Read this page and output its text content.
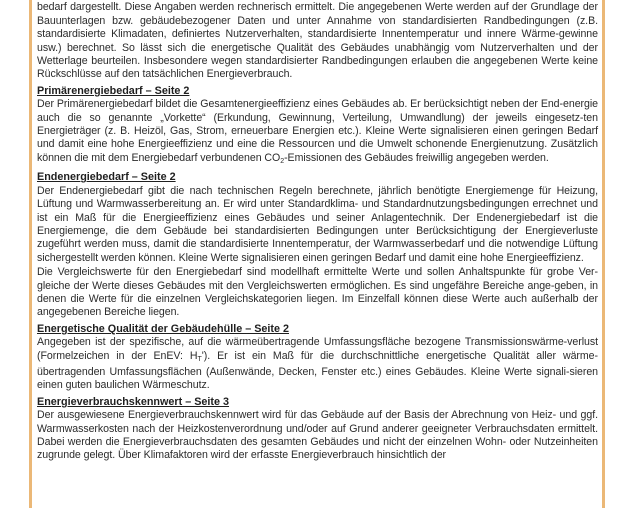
bedarf dargestellt. Diese Angaben werden rechnerisch ermittelt. Die angegebenen Werte werden auf der Grundlage der Bauunterlagen bzw. gebäudebezogener Daten und unter Annahme von standardisierten Randbedingungen (z.B. standardisierte Klimadaten, definiertes Nutzerverhalten, standardisierte Innentemperatur und innere Wärme-gewinne usw.) berechnet. So lässt sich die energetische Qualität des Gebäudes unabhängig vom Nutzerverhalten und der Wetterlage beurteilen. Insbesondere wegen standardisierter Randbedingungen erlauben die angegebenen Werte keine Rückschlüsse auf den tatsächlichen Energieverbrauch.

Primärenergiebedarf – Seite 2

Der Primärenergiebedarf bildet die Gesamtenergieeffizienz eines Gebäudes ab. Er berücksichtigt neben der End-energie auch die so genannte „Vorkette“ (Erkundung, Gewinnung, Verteilung, Umwandlung) der jeweils eingesetz-ten Energieträger (z. B. Heizöl, Gas, Strom, erneuerbare Energien etc.). Kleine Werte signalisieren einen geringen Bedarf und damit eine hohe Energieeffizienz und eine die Ressourcen und die Umwelt schonende Energienutzung. Zusätzlich können die mit dem Energiebedarf verbundenen $CO_2$-Emissionen des Gebäudes freiwillig angegeben werden.

Endenergiebedarf – Seite 2

Der Endenergiebedarf gibt die nach technischen Regeln berechnete, jährlich benötigte Energiemenge für Heizung, Lüftung und Warmwasserbereitung an. Er wird unter Standardklima- und Standardnutzungsbedingungen errechnet und ist ein Maß für die Energieeffizienz eines Gebäudes und seiner Anlagentechnik. Der Endenergiebedarf ist die Energiemenge, die dem Gebäude bei standardisierten Bedingungen unter Berücksichtigung der Energieverluste zugeführt werden muss, damit die standardisierte Innentemperatur, der Warmwasserbedarf und die notwendige Lüftung sichergestellt werden können. Kleine Werte signalisieren einen geringen Bedarf und damit eine hohe Energieeffizienz.

Die Vergleichswerte für den Energiebedarf sind modellhaft ermittelte Werte und sollen Anhaltspunkte für grobe Ver-gleiche der Werte dieses Gebäudes mit den Vergleichswerten ermöglichen. Es sind ungefähre Bereiche ange-geben, in denen die Werte für die einzelnen Vergleichskategorien liegen. Im Einzelfall können diese Werte auch außerhalb der angegebenen Bereiche liegen.

Energetische Qualität der Gebäudehülle – Seite 2

Angegeben ist der spezifische, auf die wärmeübertragende Umfassungsfläche bezogene Transmissionswärme-verlust (Formelzeichen in der EnEV: $H_T'$). Er ist ein Maß für die durchschnittliche energetische Qualität aller wärme-übertragenden Umfassungsflächen (Außenwände, Decken, Fenster etc.) eines Gebäudes. Kleine Werte signali-sieren einen guten baulichen Wärmeschutz.

Energieverbrauchskennwert – Seite 3

Der ausgewiesene Energieverbrauchskennwert wird für das Gebäude auf der Basis der Abrechnung von Heiz- und ggf. Warmwasserkosten nach der Heizkostenverordnung und/oder auf Grund anderer geeigneter Verbrauchsdaten ermittelt. Dabei werden die Energieverbrauchsdaten des gesamten Gebäudes und nicht der einzelnen Wohn- oder Nutzeinheiten zugrunde gelegt. Über Klimafaktoren wird der erfasste Energieverbrauch hinsichtlich der
